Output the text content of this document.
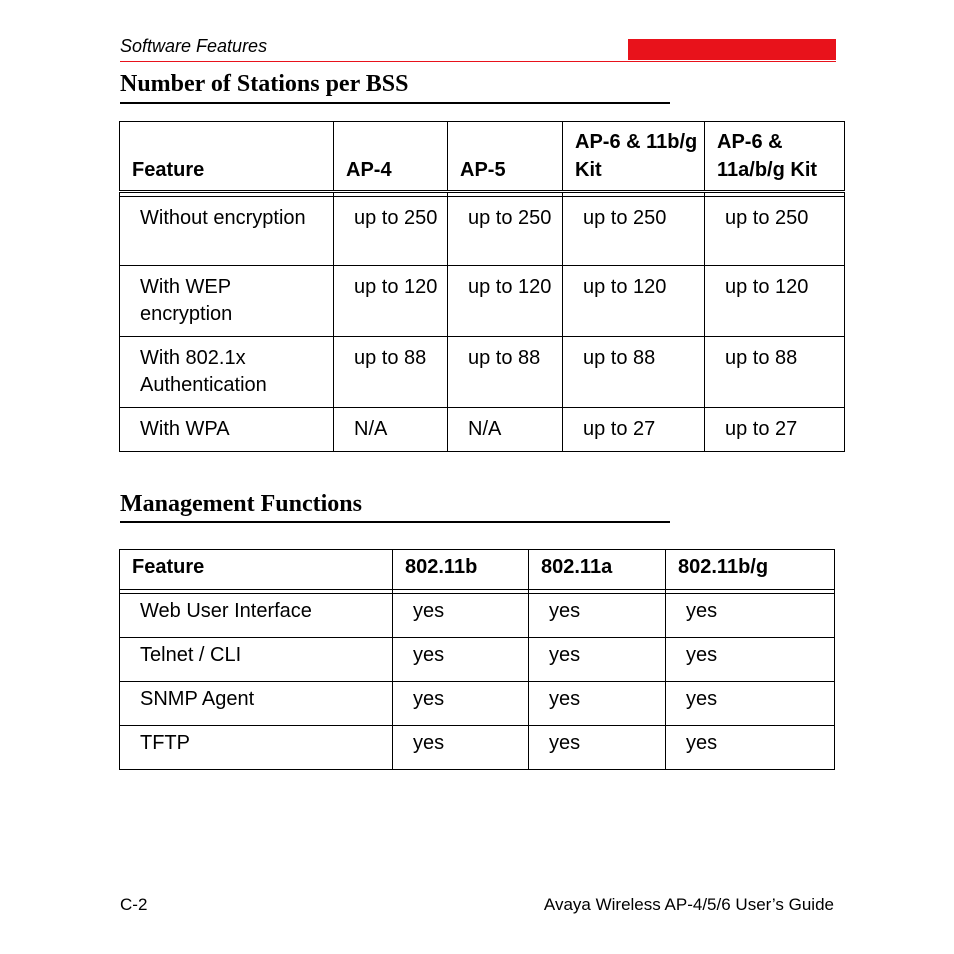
Software Features
Number of Stations per BSS
Feature	AP-4	AP-5	AP-6 & 11b/g Kit	AP-6 & 11a/b/g Kit

Without encryption	up to 250	up to 250	up to 250	up to 250
With WEP encryption	up to 120	up to 120	up to 120	up to 120
With 802.1x Authentication	up to 88	up to 88	up to 88	up to 88
With WPA	N/A	N/A	up to 27	up to 27
Management Functions
Feature	802.11b	802.11a	802.11b/g

Web User Interface	yes	yes	yes
Telnet / CLI	yes	yes	yes
SNMP Agent	yes	yes	yes
TFTP	yes	yes	yes
C-2	Avaya Wireless AP-4/5/6 User’s Guide
